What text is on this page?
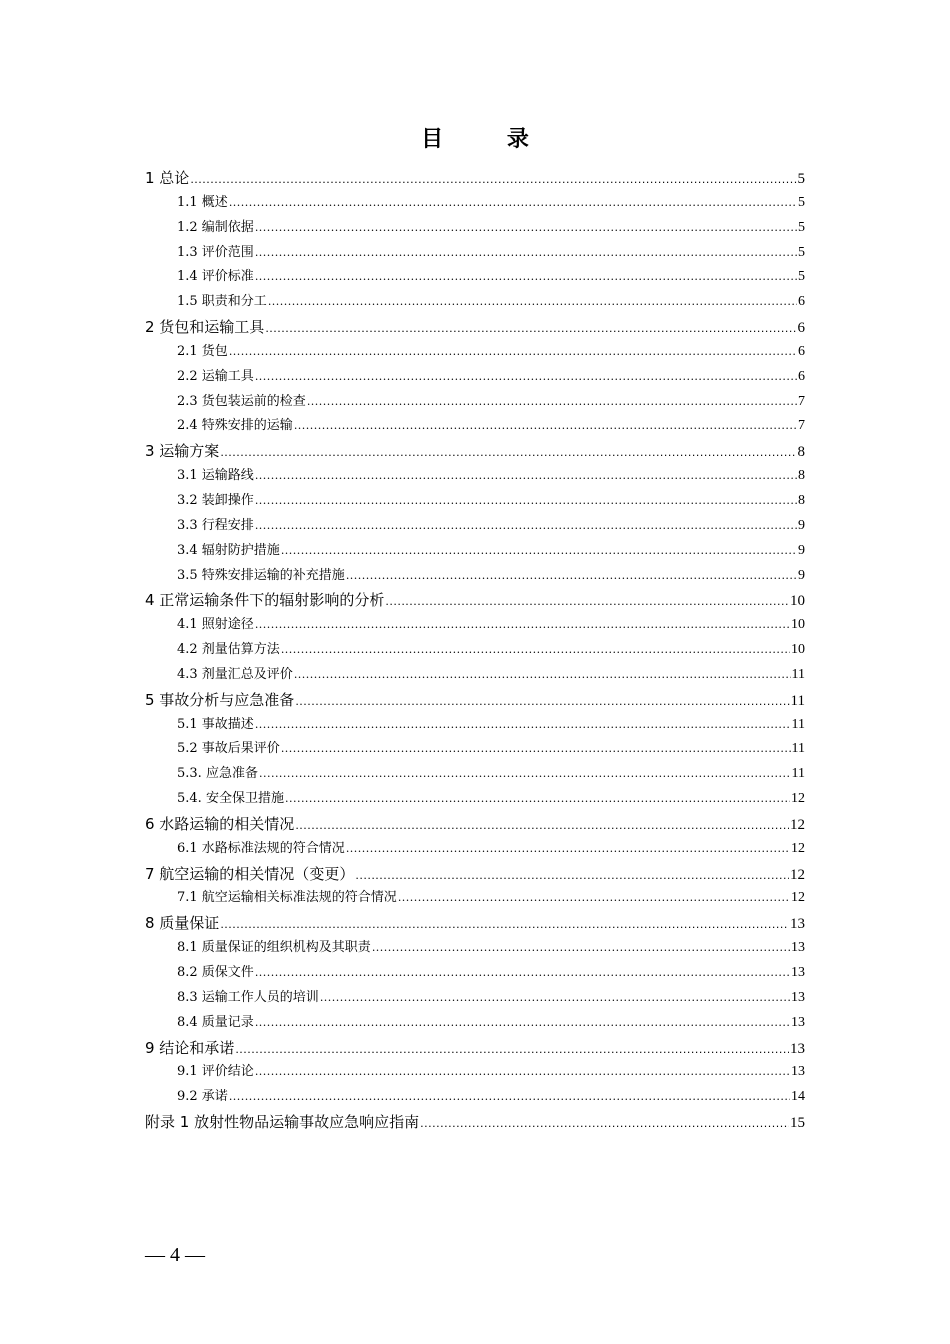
目 录
1 总论 .....	5
1.1 概述 .....	5
1.2 编制依据 .....	5
1.3 评价范围 .....	5
1.4 评价标准 .....	5
1.5 职责和分工 .....	6
2 货包和运输工具 .....	6
2.1 货包 .....	6
2.2 运输工具 .....	6
2.3 货包装运前的检查 .....	7
2.4 特殊安排的运输 .....	7
3 运输方案 .....	8
3.1 运输路线 .....	8
3.2 装卸操作 .....	8
3.3 行程安排 .....	9
3.4 辐射防护措施 .....	9
3.5 特殊安排运输的补充措施 .....	9
4 正常运输条件下的辐射影响的分析 .....	10
4.1 照射途径 .....	10
4.2 剂量估算方法 .....	10
4.3 剂量汇总及评价 .....	11
5 事故分析与应急准备 .....	11
5.1 事故描述 .....	11
5.2 事故后果评价 .....	11
5.3. 应急准备 .....	11
5.4. 安全保卫措施 .....	12
6 水路运输的相关情况 .....	12
6.1 水路标准法规的符合情况 .....	12
7 航空运输的相关情况（变更） .....	12
7.1 航空运输相关标准法规的符合情况 .....	12
8 质量保证 .....	13
8.1 质量保证的组织机构及其职责 .....	13
8.2 质保文件 .....	13
8.3 运输工作人员的培训 .....	13
8.4 质量记录 .....	13
9 结论和承诺 .....	13
9.1 评价结论 .....	13
9.2 承诺 .....	14
附录 1 放射性物品运输事故应急响应指南 .....	15
— 4 —
